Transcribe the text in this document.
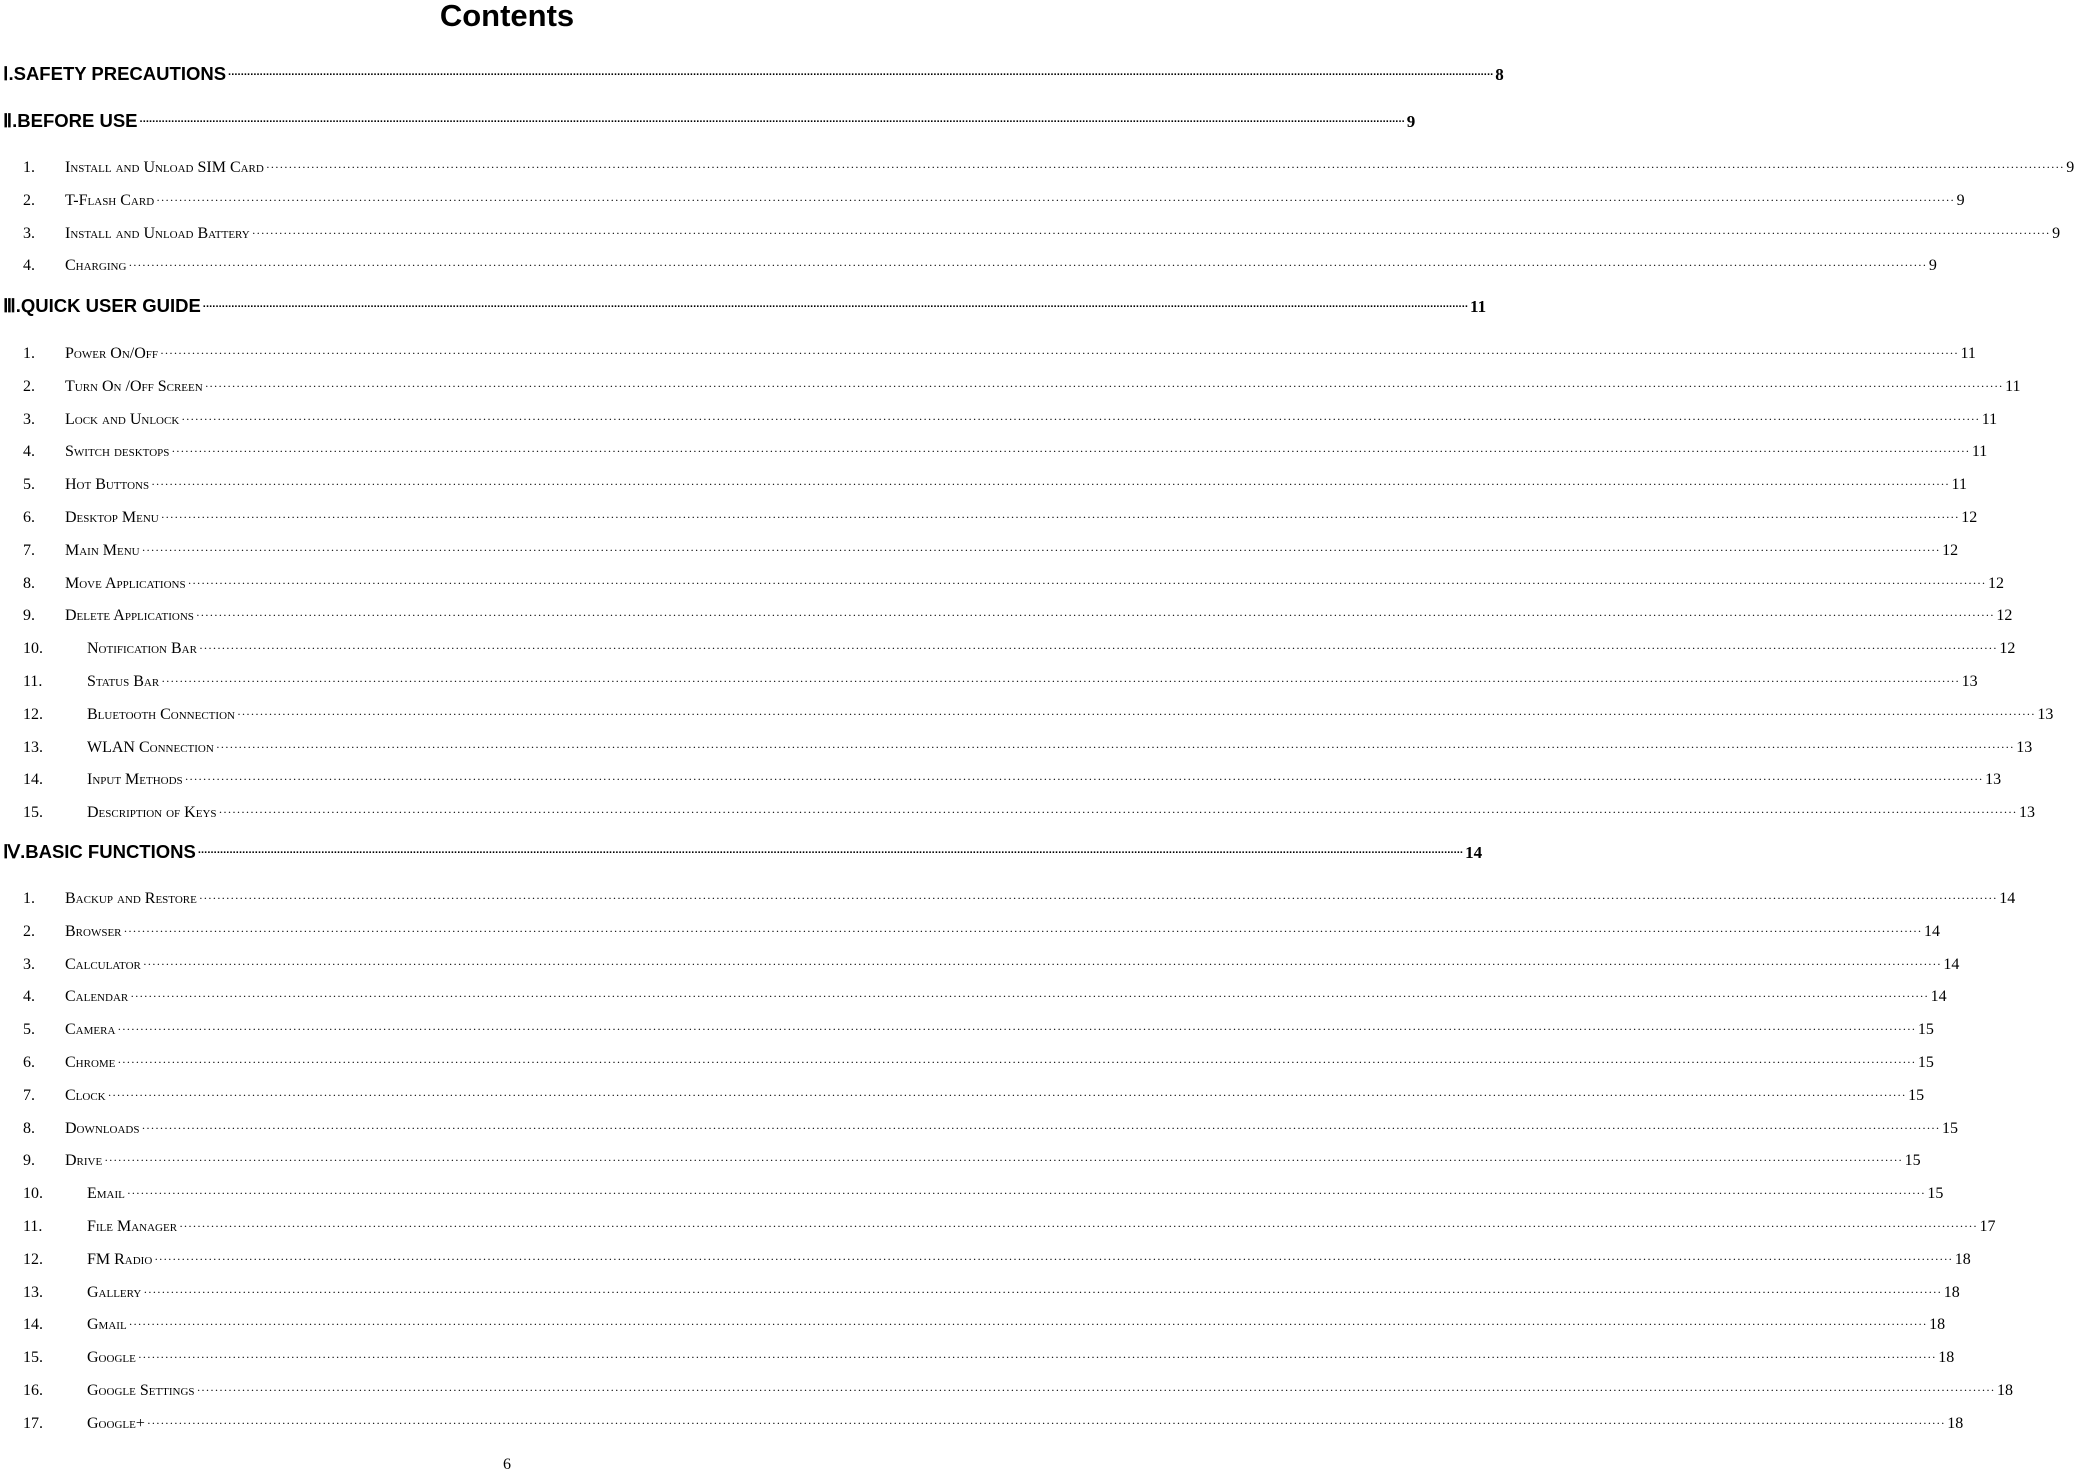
Contents
Ⅰ. SAFETY PRECAUTIONS ················································································································································································································································································································································································································ 8
Ⅱ. BEFORE USE ················································································································································································································································································································································································································ 9
1.	Install and Unload SIM Card ················································································································································································································································································································································································································ 9
2.	T-Flash Card ················································································································································································································································································································································································································ 9
3.	Install and Unload Battery ················································································································································································································································································································································································································ 9
4.	Charging ················································································································································································································································································································································································································ 9
Ⅲ. QUICK USER GUIDE ················································································································································································································································································································································································································ 11
1.	Power On/Off ················································································································································································································································································································································································································ 11
2.	Turn On /Off Screen ················································································································································································································································································································································································································ 11
3.	Lock and Unlock ················································································································································································································································································································································································································ 11
4.	Switch desktops ················································································································································································································································································································································································································ 11
5.	Hot Buttons ················································································································································································································································································································································································································ 11
6.	Desktop Menu ················································································································································································································································································································································································································ 12
7.	Main Menu ················································································································································································································································································································································································································ 12
8.	Move Applications ················································································································································································································································································································································································································ 12
9.	Delete Applications ················································································································································································································································································································································································································ 12
10.	Notification Bar ················································································································································································································································································································································································································ 12
11.	Status Bar ················································································································································································································································································································································································································ 13
12.	Bluetooth Connection ················································································································································································································································································································································································································ 13
13.	WLAN Connection ················································································································································································································································································································································································································ 13
14.	Input Methods ················································································································································································································································································································································································································ 13
15.	Description of Keys ················································································································································································································································································································································································································ 13
Ⅳ. BASIC FUNCTIONS ················································································································································································································································································································································································································ 14
1.	Backup and Restore ················································································································································································································································································································································································································ 14
2.	Browser ················································································································································································································································································································································································································ 14
3.	Calculator ················································································································································································································································································································································································································ 14
4.	Calendar ················································································································································································································································································································································································································ 14
5.	Camera ················································································································································································································································································································································································································ 15
6.	Chrome ················································································································································································································································································································································································································ 15
7.	Clock ················································································································································································································································································································································································································ 15
8.	Downloads ················································································································································································································································································································································································································ 15
9.	Drive ················································································································································································································································································································································································································ 15
10.	Email ················································································································································································································································································································································································································ 15
11.	File Manager ················································································································································································································································································································································································································ 17
12.	FM Radio ················································································································································································································································································································································································································ 18
13.	Gallery ················································································································································································································································································································································································································ 18
14.	Gmail ················································································································································································································································································································································································································ 18
15.	Google ················································································································································································································································································································································································································ 18
16.	Google Settings ················································································································································································································································································································································································································ 18
17.	Google+ ················································································································································································································································································································································································································ 18
6
